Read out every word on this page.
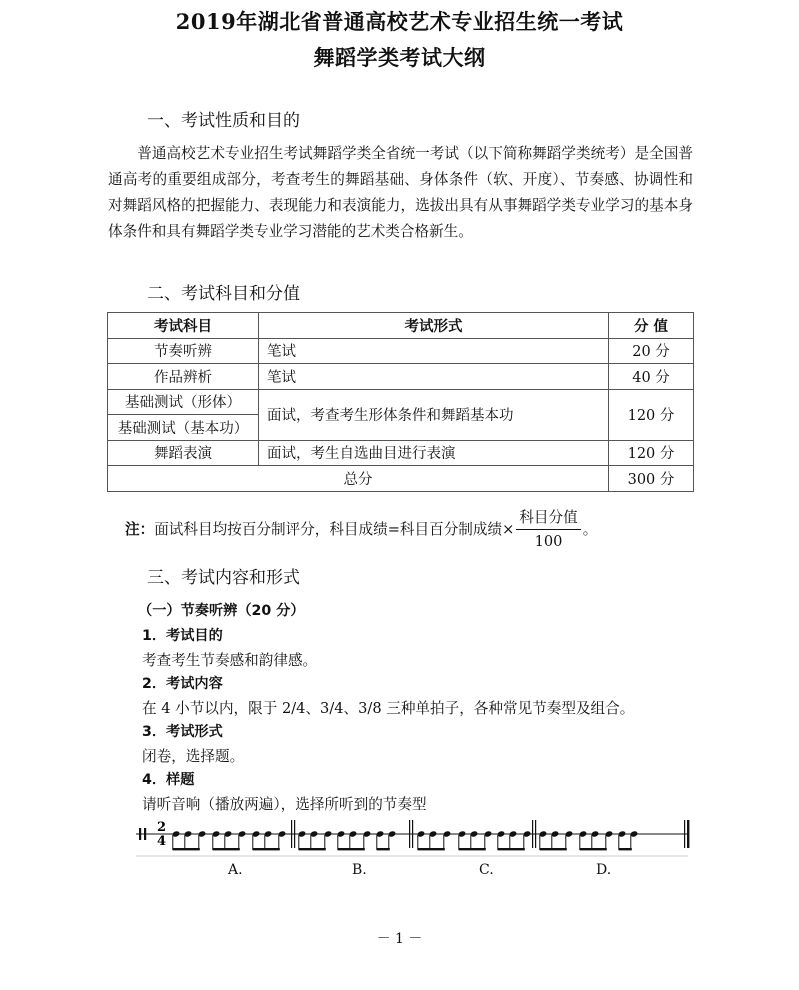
2019年湖北省普通高校艺术专业招生统一考试
舞蹈学类考试大纲
一、考试性质和目的
普通高校艺术专业招生考试舞蹈学类全省统一考试（以下简称舞蹈学类统考）是全国普通高考的重要组成部分，考查考生的舞蹈基础、身体条件（软、开度）、节奏感、协调性和对舞蹈风格的把握能力、表现能力和表演能力，选拔出具有从事舞蹈学类专业学习的基本身体条件和具有舞蹈学类专业学习潜能的艺术类合格新生。
二、考试科目和分值
考试科目	考试形式	分 值
节奏听辨	笔试	20 分
作品辨析	笔试	40 分
基础测试（形体）	面试，考查考生形体条件和舞蹈基本功	120 分
基础测试（基本功）		
舞蹈表演	面试，考生自选曲目进行表演	120 分
总分		300 分
注： 面试科目均按百分制评分，科目成绩=科目百分制成绩× $\frac{\text{科目分值}}{100}$ 。
三、考试内容和形式
（一）节奏听辨（20 分）
1．考试目的
考查考生节奏感和韵律感。
2．考试内容
在 4 小节以内，限于 2/4、3/4、3/8 三种单拍子，各种常见节奏型及组合。
3．考试形式
闭卷，选择题。
4．样题
请听音响（播放两遍），选择所听到的节奏型
2
4
A.	B.	C.	D.
－ 1 －
